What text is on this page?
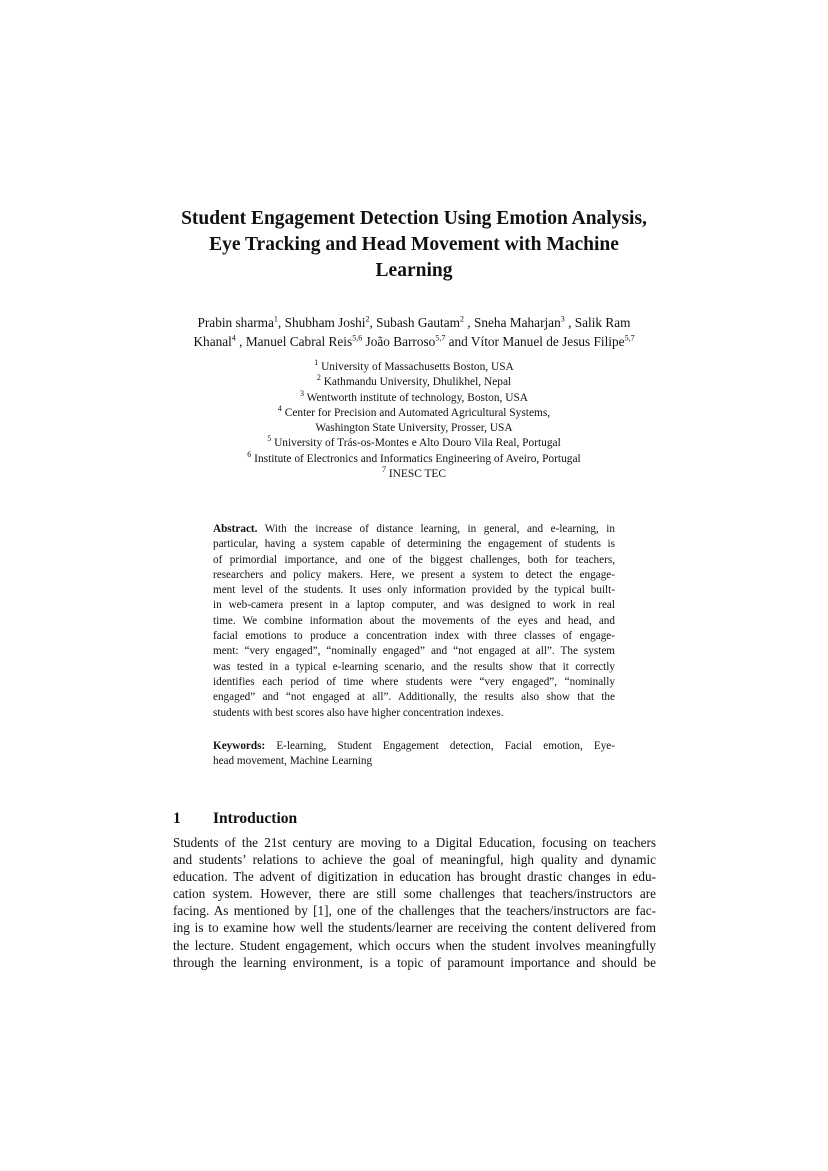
Student Engagement Detection Using Emotion Analysis,
Eye Tracking and Head Movement with Machine
Learning
Prabin sharma$^1$, Shubham Joshi$^2$, Subash Gautam$^2$ , Sneha Maharjan$^3$ , Salik Ram
Khanal$^4$ , Manuel Cabral Reis$^{5,6}$ João Barroso$^{5,7}$ and Vítor Manuel de Jesus Filipe$^{5,7}$
$^1$ University of Massachusetts Boston, USA
$^2$ Kathmandu University, Dhulikhel, Nepal
$^3$ Wentworth institute of technology, Boston, USA
$^4$ Center for Precision and Automated Agricultural Systems,
Washington State University, Prosser, USA
$^5$ University of Trás-os-Montes e Alto Douro Vila Real, Portugal
$^6$ Institute of Electronics and Informatics Engineering of Aveiro, Portugal
$^7$ INESC TEC
Abstract. With the increase of distance learning, in general, and e-learning, in
particular, having a system capable of determining the engagement of students is
of primordial importance, and one of the biggest challenges, both for teachers,
researchers and policy makers. Here, we present a system to detect the engage-
ment level of the students. It uses only information provided by the typical built-
in web-camera present in a laptop computer, and was designed to work in real
time. We combine information about the movements of the eyes and head, and
facial emotions to produce a concentration index with three classes of engage-
ment: “very engaged”, “nominally engaged” and “not engaged at all”. The system
was tested in a typical e-learning scenario, and the results show that it correctly
identifies each period of time where students were “very engaged”, “nominally
engaged” and “not engaged at all”. Additionally, the results also show that the
students with best scores also have higher concentration indexes.
Keywords: E-learning, Student Engagement detection, Facial emotion, Eye-
head movement, Machine Learning
1 Introduction
Students of the 21st century are moving to a Digital Education, focusing on teachers
and students’ relations to achieve the goal of meaningful, high quality and dynamic
education. The advent of digitization in education has brought drastic changes in edu-
cation system. However, there are still some challenges that teachers/instructors are
facing. As mentioned by [1], one of the challenges that the teachers/instructors are fac-
ing is to examine how well the students/learner are receiving the content delivered from
the lecture. Student engagement, which occurs when the student involves meaningfully
through the learning environment, is a topic of paramount importance and should be
